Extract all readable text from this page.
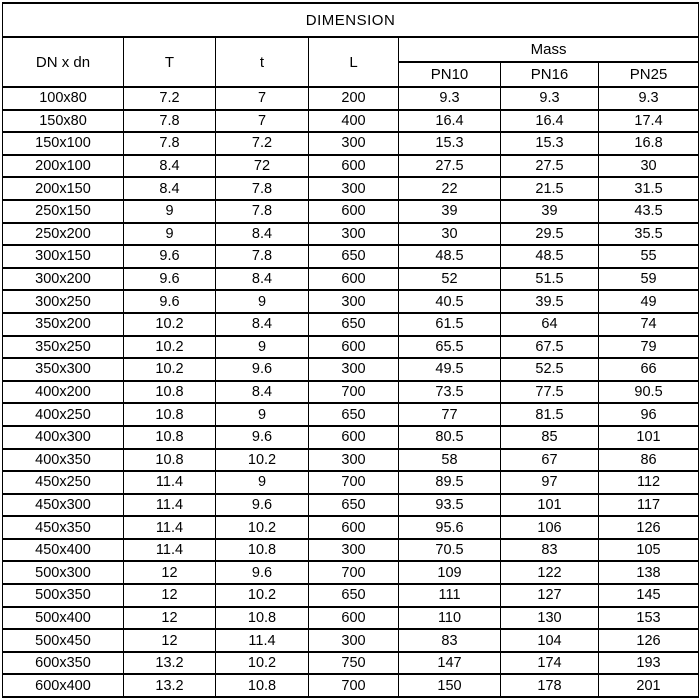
DIMENSION						
DN x dn	T	t	L	Mass		
				PN10	PN16	PN25
100x80	7.2	7	200	9.3	9.3	9.3
150x80	7.8	7	400	16.4	16.4	17.4
150x100	7.8	7.2	300	15.3	15.3	16.8
200x100	8.4	72	600	27.5	27.5	30
200x150	8.4	7.8	300	22	21.5	31.5
250x150	9	7.8	600	39	39	43.5
250x200	9	8.4	300	30	29.5	35.5
300x150	9.6	7.8	650	48.5	48.5	55
300x200	9.6	8.4	600	52	51.5	59
300x250	9.6	9	300	40.5	39.5	49
350x200	10.2	8.4	650	61.5	64	74
350x250	10.2	9	600	65.5	67.5	79
350x300	10.2	9.6	300	49.5	52.5	66
400x200	10.8	8.4	700	73.5	77.5	90.5
400x250	10.8	9	650	77	81.5	96
400x300	10.8	9.6	600	80.5	85	101
400x350	10.8	10.2	300	58	67	86
450x250	11.4	9	700	89.5	97	112
450x300	11.4	9.6	650	93.5	101	117
450x350	11.4	10.2	600	95.6	106	126
450x400	11.4	10.8	300	70.5	83	105
500x300	12	9.6	700	109	122	138
500x350	12	10.2	650	111	127	145
500x400	12	10.8	600	110	130	153
500x450	12	11.4	300	83	104	126
600x350	13.2	10.2	750	147	174	193
600x400	13.2	10.8	700	150	178	201
